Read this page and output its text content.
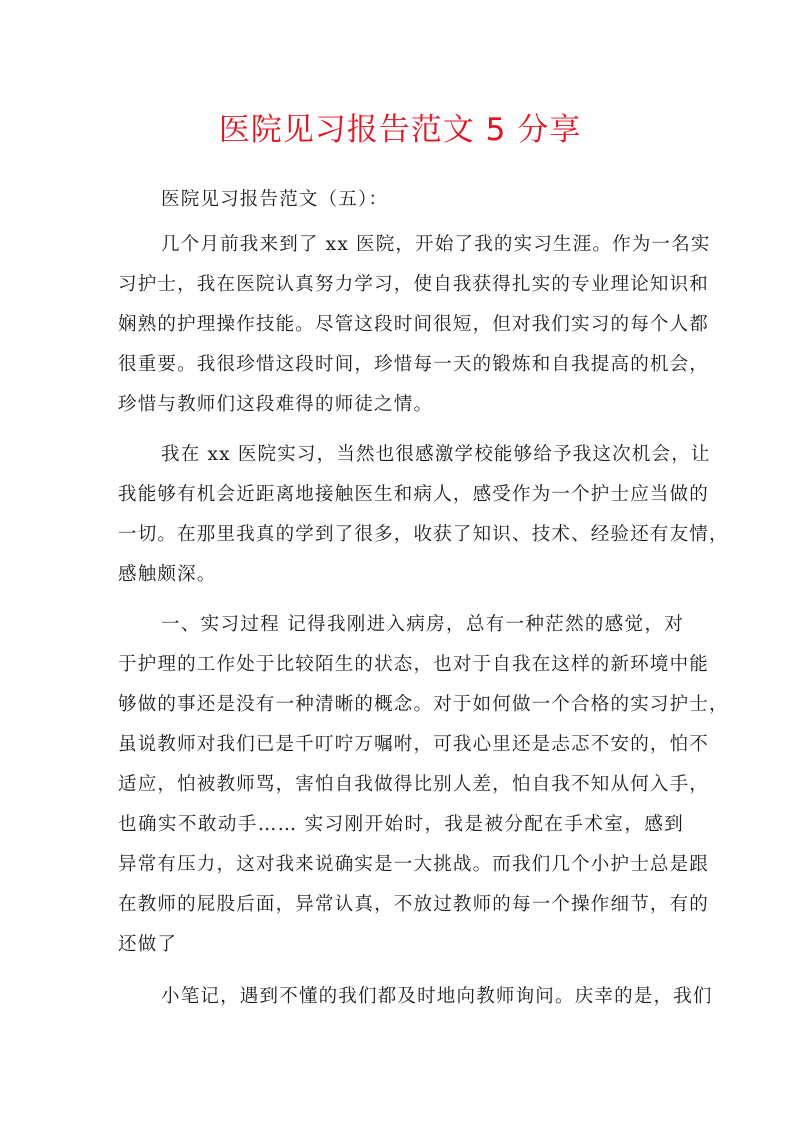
医院见习报告范文 5 分享
医院见习报告范文（五）：
几个月前我来到了 xx 医院，开始了我的实习生涯。作为一名实
习护士，我在医院认真努力学习，使自我获得扎实的专业理论知识和
娴熟的护理操作技能。尽管这段时间很短，但对我们实习的每个人都
很重要。我很珍惜这段时间，珍惜每一天的锻炼和自我提高的机会，
珍惜与教师们这段难得的师徒之情。
我在 xx 医院实习，当然也很感激学校能够给予我这次机会，让
我能够有机会近距离地接触医生和病人，感受作为一个护士应当做的
一切。在那里我真的学到了很多，收获了知识、技术、经验还有友情，
感触颇深。
一、实习过程 记得我刚进入病房，总有一种茫然的感觉，对
于护理的工作处于比较陌生的状态，也对于自我在这样的新环境中能
够做的事还是没有一种清晰的概念。对于如何做一个合格的实习护士，
虽说教师对我们已是千叮咛万嘱咐，可我心里还是忐忑不安的，怕不
适应，怕被教师骂，害怕自我做得比别人差，怕自我不知从何入手，
也确实不敢动手…… 实习刚开始时，我是被分配在手术室，感到
异常有压力，这对我来说确实是一大挑战。而我们几个小护士总是跟
在教师的屁股后面，异常认真，不放过教师的每一个操作细节，有的
还做了
小笔记，遇到不懂的我们都及时地向教师询问。庆幸的是，我们
